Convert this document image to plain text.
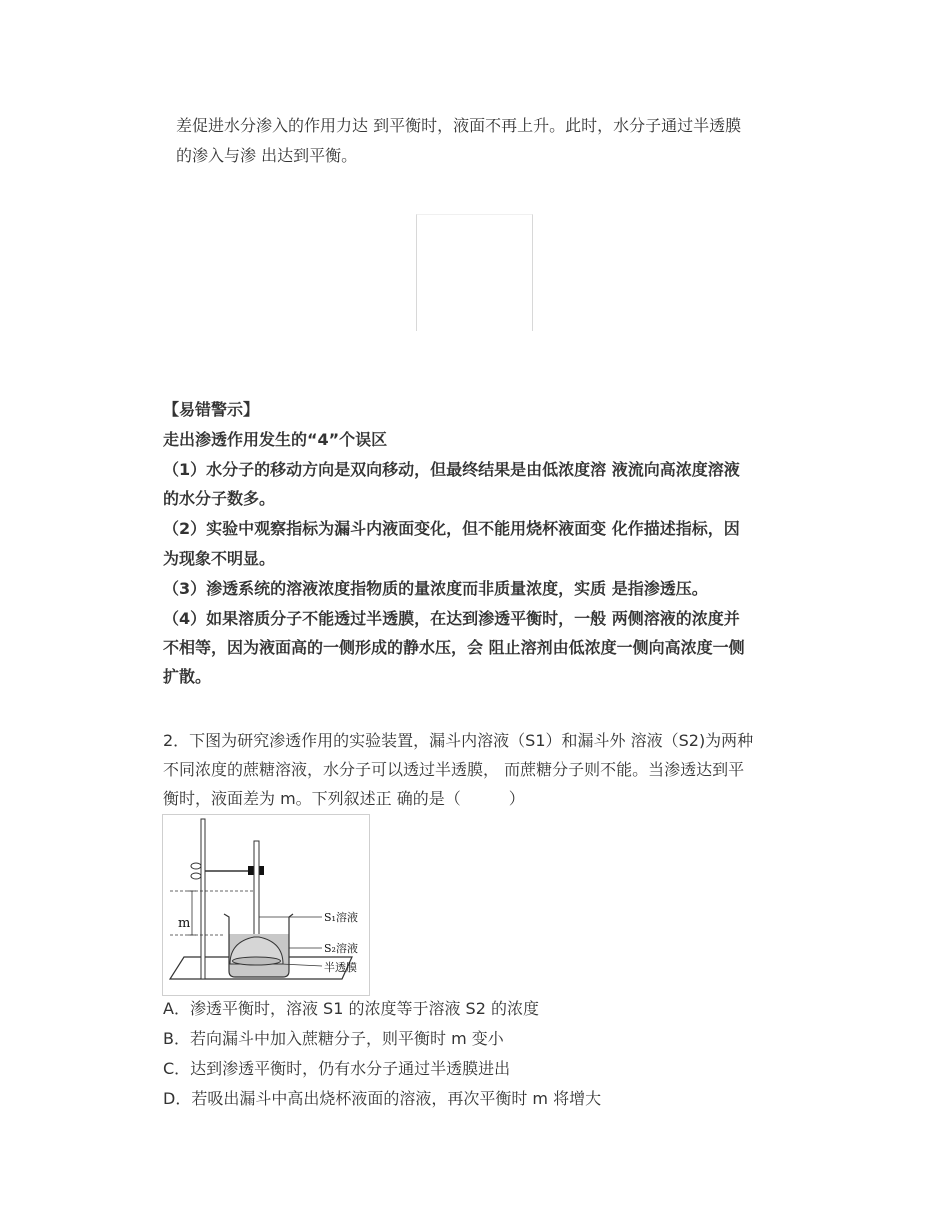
差促进水分渗入的作用力达 到平衡时，液面不再上升。此时，水分子通过半透膜
的渗入与渗 出达到平衡。
【易错警示】
走出渗透作用发生的“4”个误区
（1）水分子的移动方向是双向移动，但最终结果是由低浓度溶 液流向高浓度溶液
的水分子数多。
（2）实验中观察指标为漏斗内液面变化，但不能用烧杯液面变 化作描述指标，因
为现象不明显。
（3）渗透系统的溶液浓度指物质的量浓度而非质量浓度，实质 是指渗透压。
（4）如果溶质分子不能透过半透膜，在达到渗透平衡时，一般 两侧溶液的浓度并
不相等，因为液面高的一侧形成的静水压，会 阻止溶剂由低浓度一侧向高浓度一侧
扩散。
2．下图为研究渗透作用的实验装置，漏斗内溶液（S1）和漏斗外 溶液（S2)为两种
不同浓度的蔗糖溶液，水分子可以透过半透膜， 而蔗糖分子则不能。当渗透达到平
衡时，液面差为 m。下列叙述正 确的是（　　　）
m	S₁溶液
S₂溶液
半透膜
A．渗透平衡时，溶液 S1 的浓度等于溶液 S2 的浓度
B．若向漏斗中加入蔗糖分子，则平衡时 m 变小
C．达到渗透平衡时，仍有水分子通过半透膜进出
D．若吸出漏斗中高出烧杯液面的溶液，再次平衡时 m 将增大
